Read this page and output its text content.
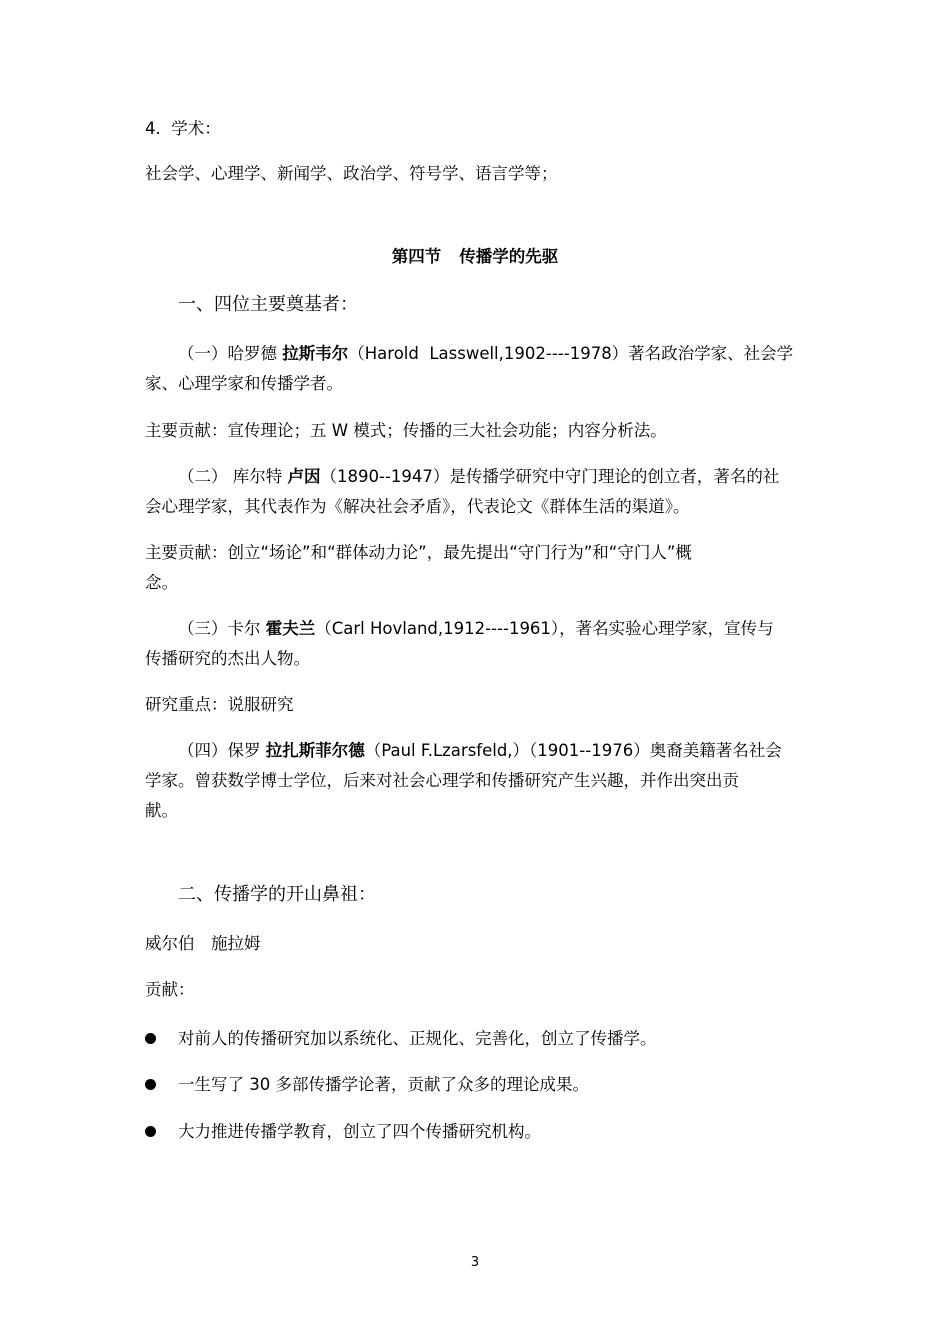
4.  学术：
社会学、心理学、新闻学、政治学、符号学、语言学等；
第四节 传播学的先驱
一、四位主要奠基者：
（一）哈罗德 拉斯韦尔（Harold  Lasswell,1902----1978）著名政治学家、社会学
家、心理学家和传播学者。
主要贡献：宣传理论；五 W 模式；传播的三大社会功能；内容分析法。
（二） 库尔特 卢因（1890--1947）是传播学研究中守门理论的创立者，著名的社
会心理学家，其代表作为《解决社会矛盾》，代表论文《群体生活的渠道》。
主要贡献：创立“场论”和“群体动力论”，最先提出“守门行为”和“守门人”概
念。
（三）卡尔 霍夫兰（Carl Hovland,1912----1961），著名实验心理学家，宣传与
传播研究的杰出人物。
研究重点：说服研究
（四）保罗 拉扎斯菲尔德（Paul F.Lzarsfeld,）（1901--1976）奥裔美籍著名社会
学家。曾获数学博士学位，后来对社会心理学和传播研究产生兴趣，并作出突出贡
献。
二、传播学的开山鼻祖：
威尔伯　施拉姆
贡献：
对前人的传播研究加以系统化、正规化、完善化，创立了传播学。
一生写了 30 多部传播学论著，贡献了众多的理论成果。
大力推进传播学教育，创立了四个传播研究机构。
3
